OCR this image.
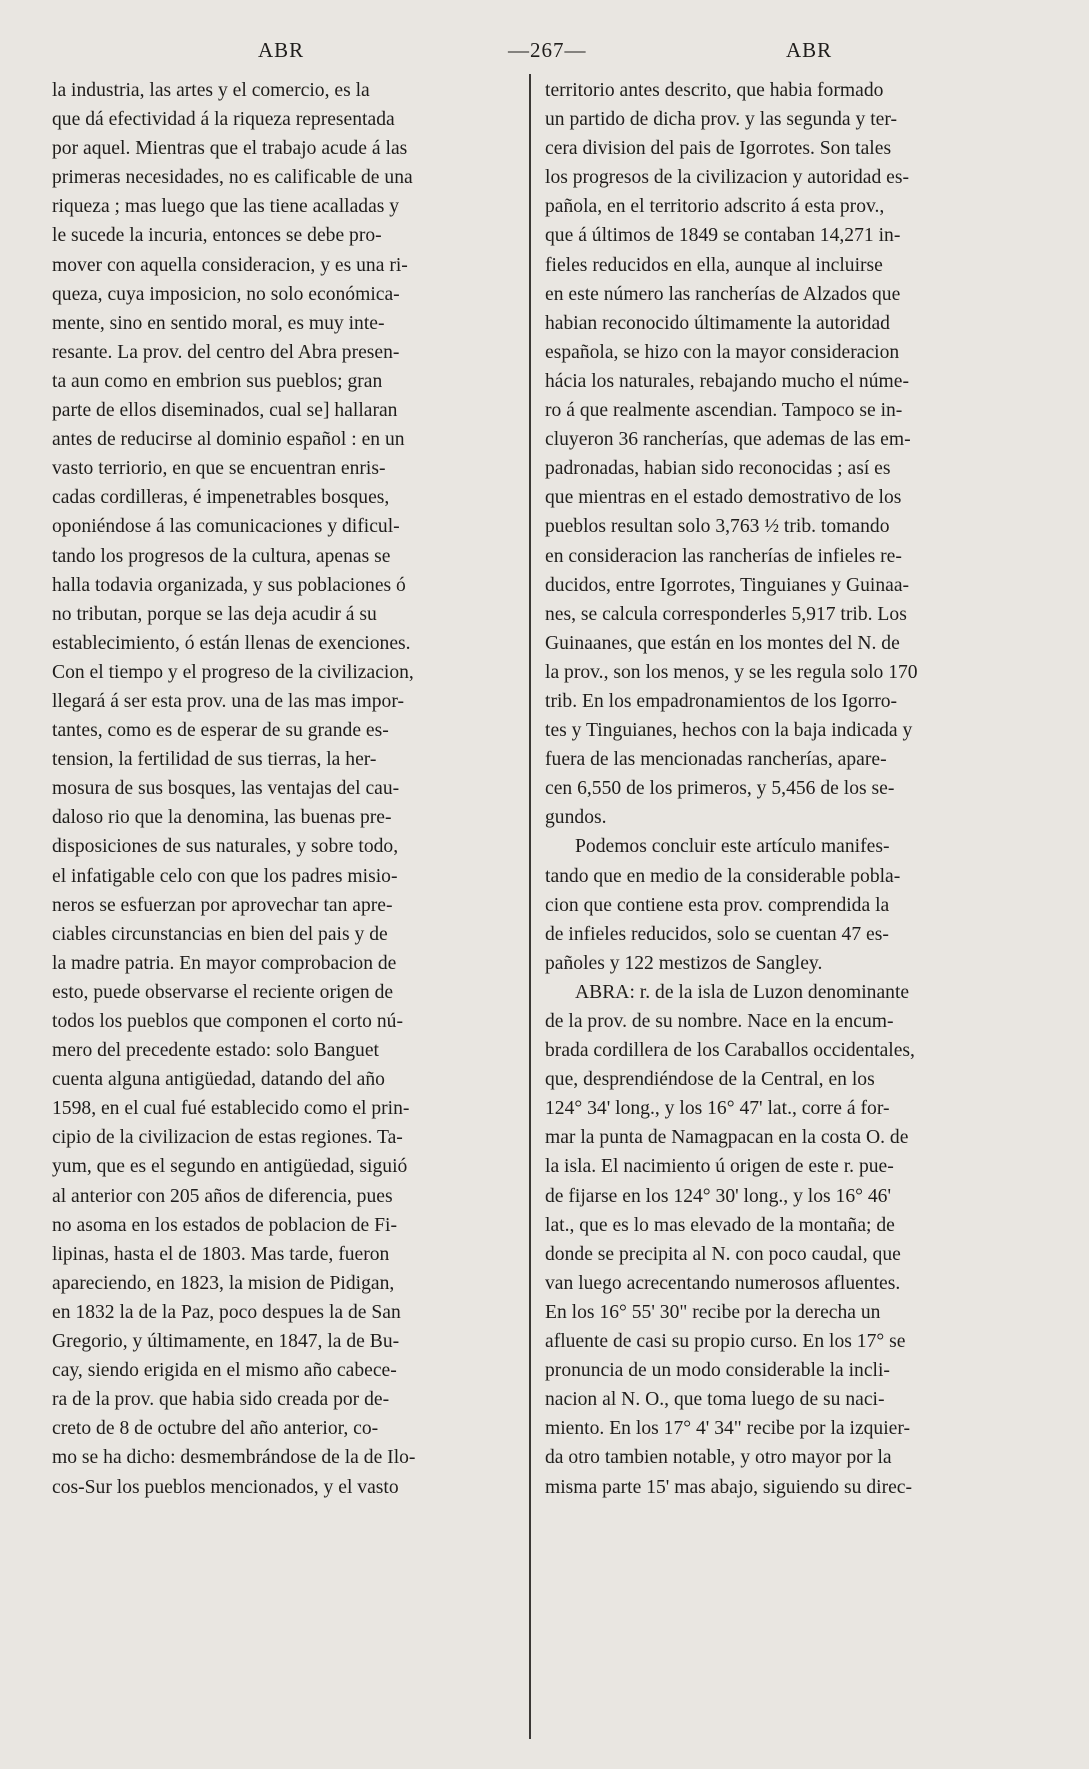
ABR	—267—	ABR
la industria, las artes y el comercio, es la
que dá efectividad á la riqueza representada
por aquel. Mientras que el trabajo acude á las
primeras necesidades, no es calificable de una
riqueza ; mas luego que las tiene acalladas y
le sucede la incuria, entonces se debe pro-
mover con aquella consideracion, y es una ri-
queza, cuya imposicion, no solo económica-
mente, sino en sentido moral, es muy inte-
resante. La prov. del centro del Abra presen-
ta aun como en embrion sus pueblos; gran
parte de ellos diseminados, cual se] hallaran
antes de reducirse al dominio español : en un
vasto terriorio, en que se encuentran enris-
cadas cordilleras, é impenetrables bosques,
oponiéndose á las comunicaciones y dificul-
tando los progresos de la cultura, apenas se
halla todavia organizada, y sus poblaciones ó
no tributan, porque se las deja acudir á su
establecimiento, ó están llenas de exenciones.
Con el tiempo y el progreso de la civilizacion,
llegará á ser esta prov. una de las mas impor-
tantes, como es de esperar de su grande es-
tension, la fertilidad de sus tierras, la her-
mosura de sus bosques, las ventajas del cau-
daloso rio que la denomina, las buenas pre-
disposiciones de sus naturales, y sobre todo,
el infatigable celo con que los padres misio-
neros se esfuerzan por aprovechar tan apre-
ciables circunstancias en bien del pais y de
la madre patria. En mayor comprobacion de
esto, puede observarse el reciente origen de
todos los pueblos que componen el corto nú-
mero del precedente estado: solo Banguet
cuenta alguna antigüedad, datando del año
1598, en el cual fué establecido como el prin-
cipio de la civilizacion de estas regiones. Ta-
yum, que es el segundo en antigüedad, siguió
al anterior con 205 años de diferencia, pues
no asoma en los estados de poblacion de Fi-
lipinas, hasta el de 1803. Mas tarde, fueron
apareciendo, en 1823, la mision de Pidigan,
en 1832 la de la Paz, poco despues la de San
Gregorio, y últimamente, en 1847, la de Bu-
cay, siendo erigida en el mismo año cabece-
ra de la prov. que habia sido creada por de-
creto de 8 de octubre del año anterior, co-
mo se ha dicho: desmembrándose de la de Ilo-
cos-Sur los pueblos mencionados, y el vasto
territorio antes descrito, que habia formado
un partido de dicha prov. y las segunda y ter-
cera division del pais de Igorrotes. Son tales
los progresos de la civilizacion y autoridad es-
pañola, en el territorio adscrito á esta prov.,
que á últimos de 1849 se contaban 14,271 in-
fieles reducidos en ella, aunque al incluirse
en este número las rancherías de Alzados que
habian reconocido últimamente la autoridad
española, se hizo con la mayor consideracion
hácia los naturales, rebajando mucho el núme-
ro á que realmente ascendian. Tampoco se in-
cluyeron 36 rancherías, que ademas de las em-
padronadas, habian sido reconocidas ; así es
que mientras en el estado demostrativo de los
pueblos resultan solo 3,763 ½ trib. tomando
en consideracion las rancherías de infieles re-
ducidos, entre Igorrotes, Tinguianes y Guinaa-
nes, se calcula corresponderles 5,917 trib. Los
Guinaanes, que están en los montes del N. de
la prov., son los menos, y se les regula solo 170
trib. En los empadronamientos de los Igorro-
tes y Tinguianes, hechos con la baja indicada y
fuera de las mencionadas rancherías, apare-
cen 6,550 de los primeros, y 5,456 de los se-
gundos.
Podemos concluir este artículo manifes-
tando que en medio de la considerable pobla-
cion que contiene esta prov. comprendida la
de infieles reducidos, solo se cuentan 47 es-
pañoles y 122 mestizos de Sangley.
ABRA: r. de la isla de Luzon denominante
de la prov. de su nombre. Nace en la encum-
brada cordillera de los Caraballos occidentales,
que, desprendiéndose de la Central, en los
124° 34' long., y los 16° 47' lat., corre á for-
mar la punta de Namagpacan en la costa O. de
la isla. El nacimiento ú origen de este r. pue-
de fijarse en los 124° 30' long., y los 16° 46'
lat., que es lo mas elevado de la montaña; de
donde se precipita al N. con poco caudal, que
van luego acrecentando numerosos afluentes.
En los 16° 55' 30" recibe por la derecha un
afluente de casi su propio curso. En los 17° se
pronuncia de un modo considerable la incli-
nacion al N. O., que toma luego de su naci-
miento. En los 17° 4' 34" recibe por la izquier-
da otro tambien notable, y otro mayor por la
misma parte 15' mas abajo, siguiendo su direc-
